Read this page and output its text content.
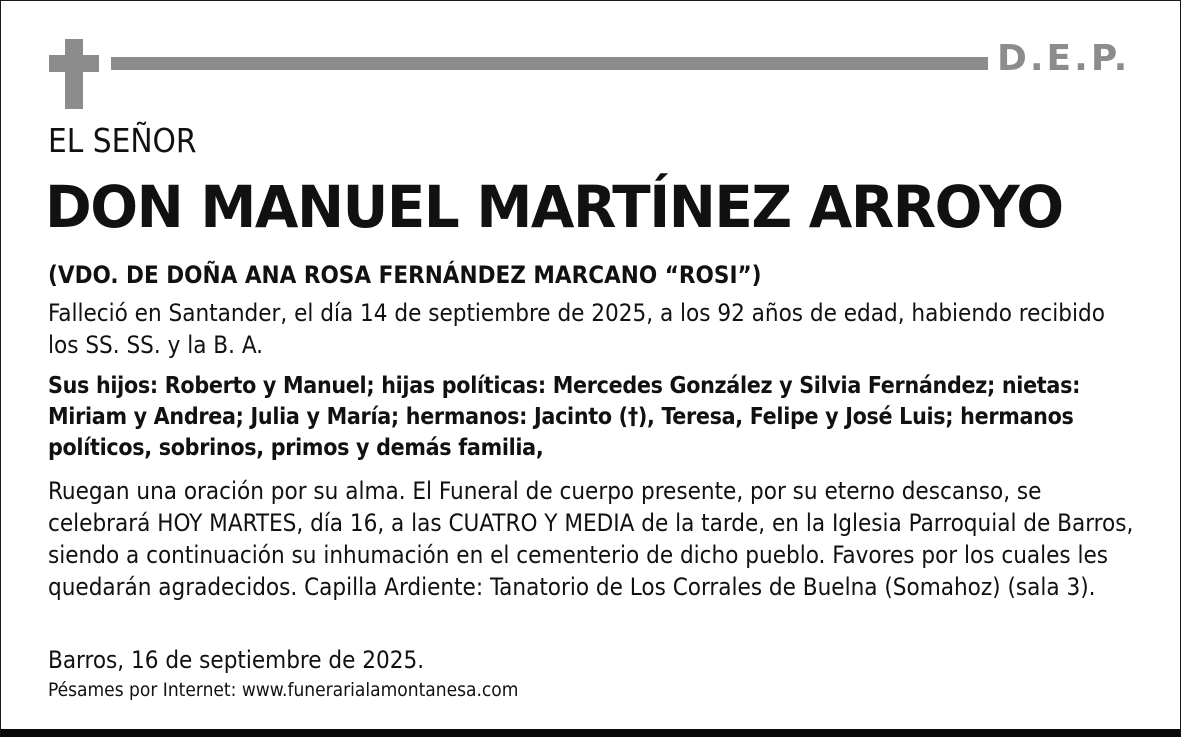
D.E.P.
EL SEÑOR
DON MANUEL MARTÍNEZ ARROYO
(VDO. DE DOÑA ANA ROSA FERNÁNDEZ MARCANO “ROSI”)

Falleció en Santander, el día 14 de septiembre de 2025, a los 92 años de edad, habiendo recibido los SS. SS. y la B. A.

Sus hijos: Roberto y Manuel; hijas políticas: Mercedes González y Silvia Fernández; nietas: Miriam y Andrea; Julia y María; hermanos: Jacinto (†), Teresa, Felipe y José Luis; hermanos políticos, sobrinos, primos y demás familia,

Ruegan una oración por su alma. El Funeral de cuerpo presente, por su eterno descanso, se celebrará HOY MARTES, día 16, a las CUATRO Y MEDIA de la tarde, en la Iglesia Parroquial de Barros, siendo a continuación su inhumación en el cementerio de dicho pueblo. Favores por los cuales les quedarán agradecidos. Capilla Ardiente: Tanatorio de Los Corrales de Buelna (Somahoz) (sala 3).

Barros, 16 de septiembre de 2025.
Pésames por Internet: www.funerarialamontanesa.com
